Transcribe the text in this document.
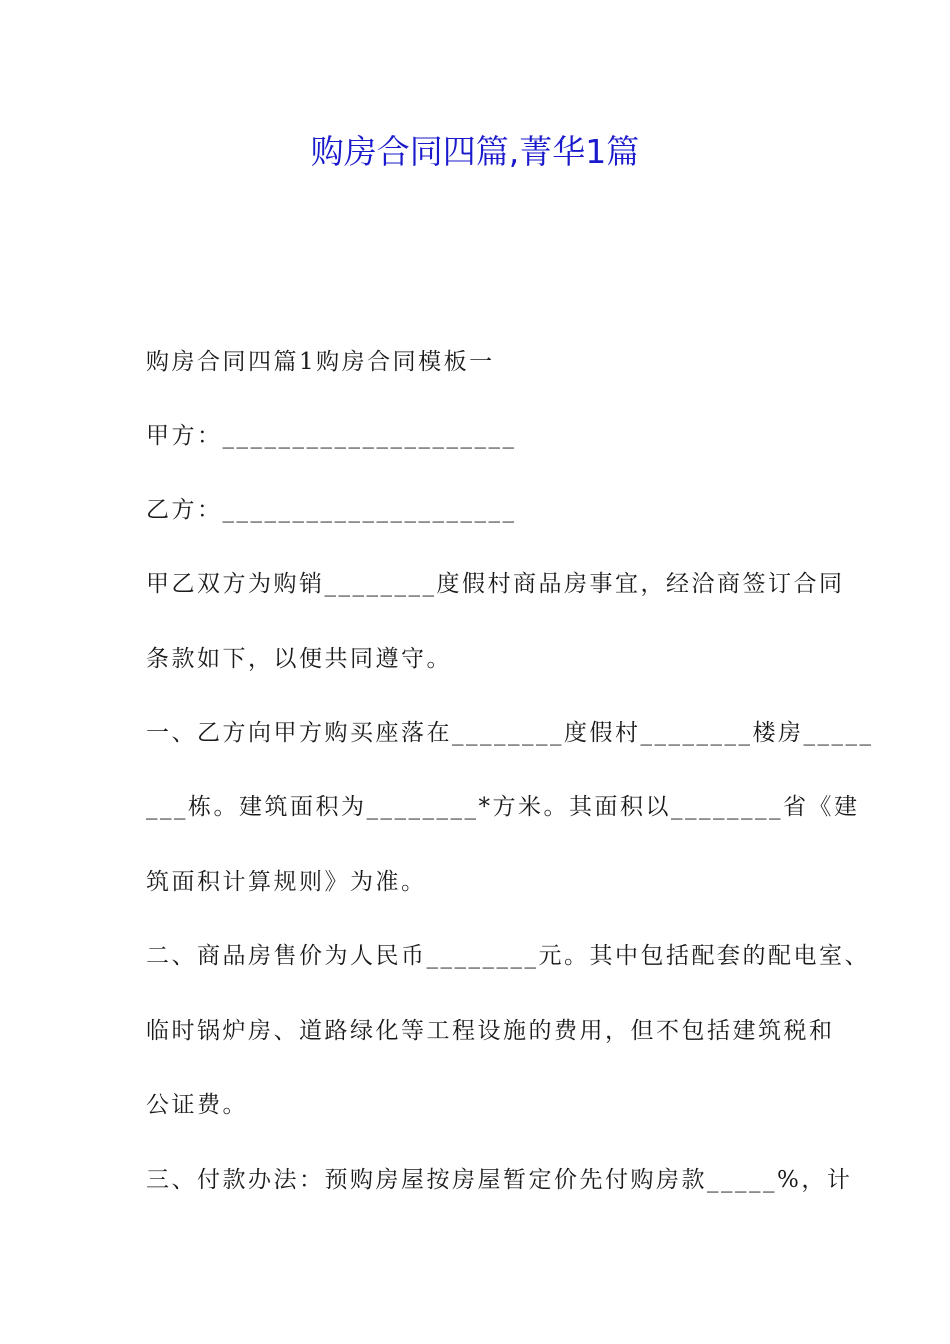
购房合同四篇,菁华1篇
购房合同四篇1购房合同模板一
甲方：_____________________
乙方：_____________________
甲乙双方为购销________度假村商品房事宜，经洽商签订合同
条款如下，以便共同遵守。
一、乙方向甲方购买座落在________度假村________楼房_____
___栋。建筑面积为________*方米。其面积以________省《建
筑面积计算规则》为准。
二、商品房售价为人民币________元。其中包括配套的配电室、
临时锅炉房、道路绿化等工程设施的费用，但不包括建筑税和
公证费。
三、付款办法：预购房屋按房屋暂定价先付购房款_____%，计
